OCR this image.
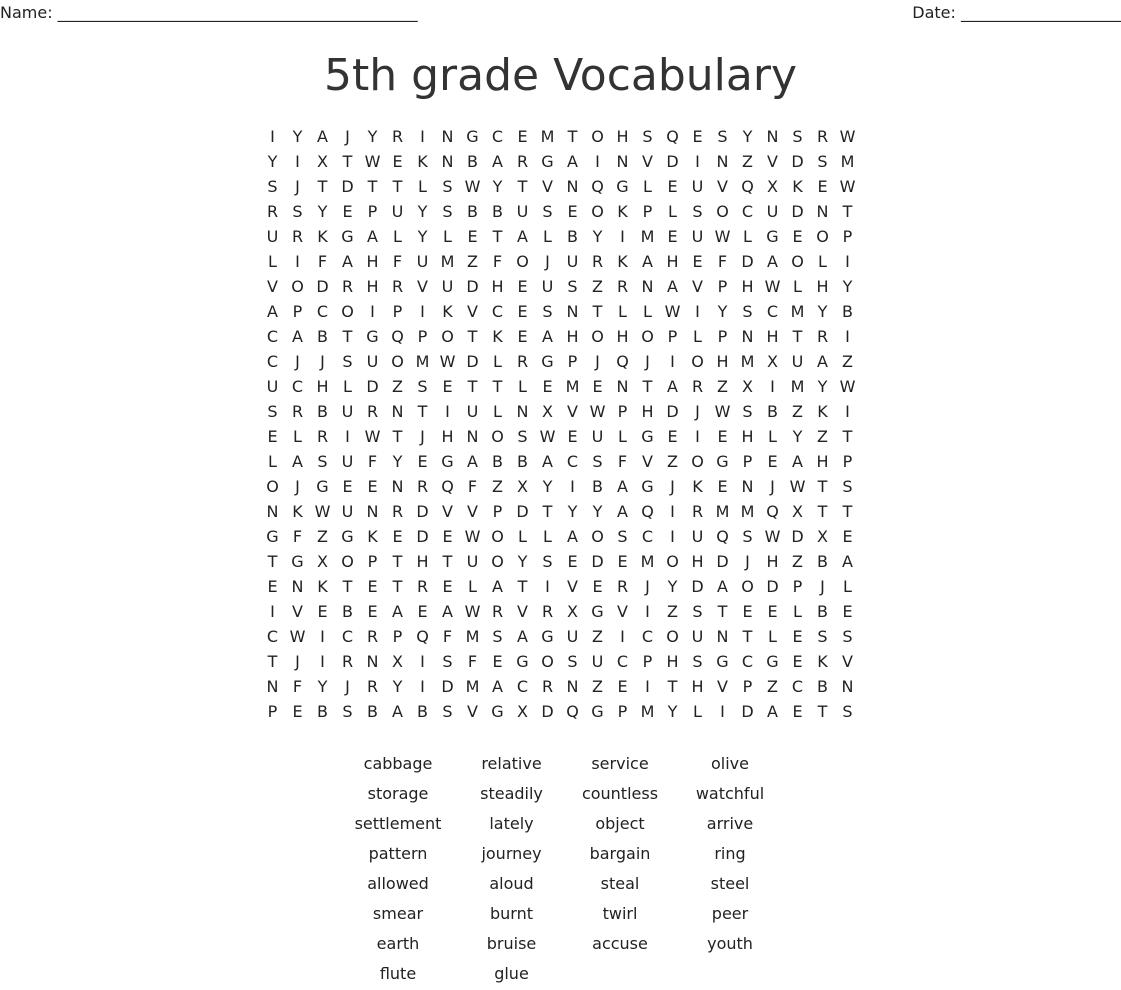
Name: _____________________________________________	Date: ____________________
5th grade Vocabulary
I	Y A	J	Y R	I	N G C E M T O H S Q E S Y N S R W
Y	I	X T W E K N B A R G A	I	N V D	I	N Z V D S M
S	J	T D T T L S W Y T V N Q G L E U V Q X K E W
R S Y E P U Y S B B U S E O K P L S O C U D N T
U R K G A L Y L E T A L B Y	I M E U W L G E O P
L	I	F A H F U M Z F O	J	U R K A H E F D A O L	I
V O D R H R V U D H E U S Z R N A V P H W L H Y
A P C O	I	P	I	K V C E S N T L	L W I	Y S C M Y B
C A B T G Q P O T K E A H O H O P L P N H T R	I
C	J	J	S U O M W D L R G P	J	Q	J	I	O H M X U A Z
U C H L D Z S E T T L E M E N T A R Z X	I M Y W
S R B U R N T	I	U L N X V W P H D	J W S B Z K	I
E L R	I W T	J	H N O S W E U L G E	I	E H L Y Z T
L A S U F Y E G A B B A C S F V Z O G P E A H P
O	J	G E E N R Q F Z X Y	I	B A G	J	K E N	J W T S
N K W U N R D V V P D T Y Y A Q	I	R M M Q X T T
G F Z G K E D E W O L	L A O S C	I	U Q S W D X E
T G X O P T H T U O Y S E D E M O H D	J	H Z B A
E N K T E T R E L A T	I	V E R	J	Y D A O D P	J	L
I	V E B E A E A W R V R X G V	I	Z S T E E L B E
C W I	C R P Q F M S A G U Z	I	C O U N T L E S S
T	J	I	R N X	I	S F E G O S U C P H S G C G E K V
N F Y	J	R Y	I	D M A C R N Z E	I	T H V P Z C B N
P E B S B A B S V G X D Q G P M Y L	I	D A E T S
cabbage	relative	service	olive
storage	steadily	countless	watchful
settlement	lately	object	arrive
pattern	journey	bargain	ring
allowed	aloud	steal	steel
smear	burnt	twirl	peer
earth	bruise	accuse	youth
flute	glue
